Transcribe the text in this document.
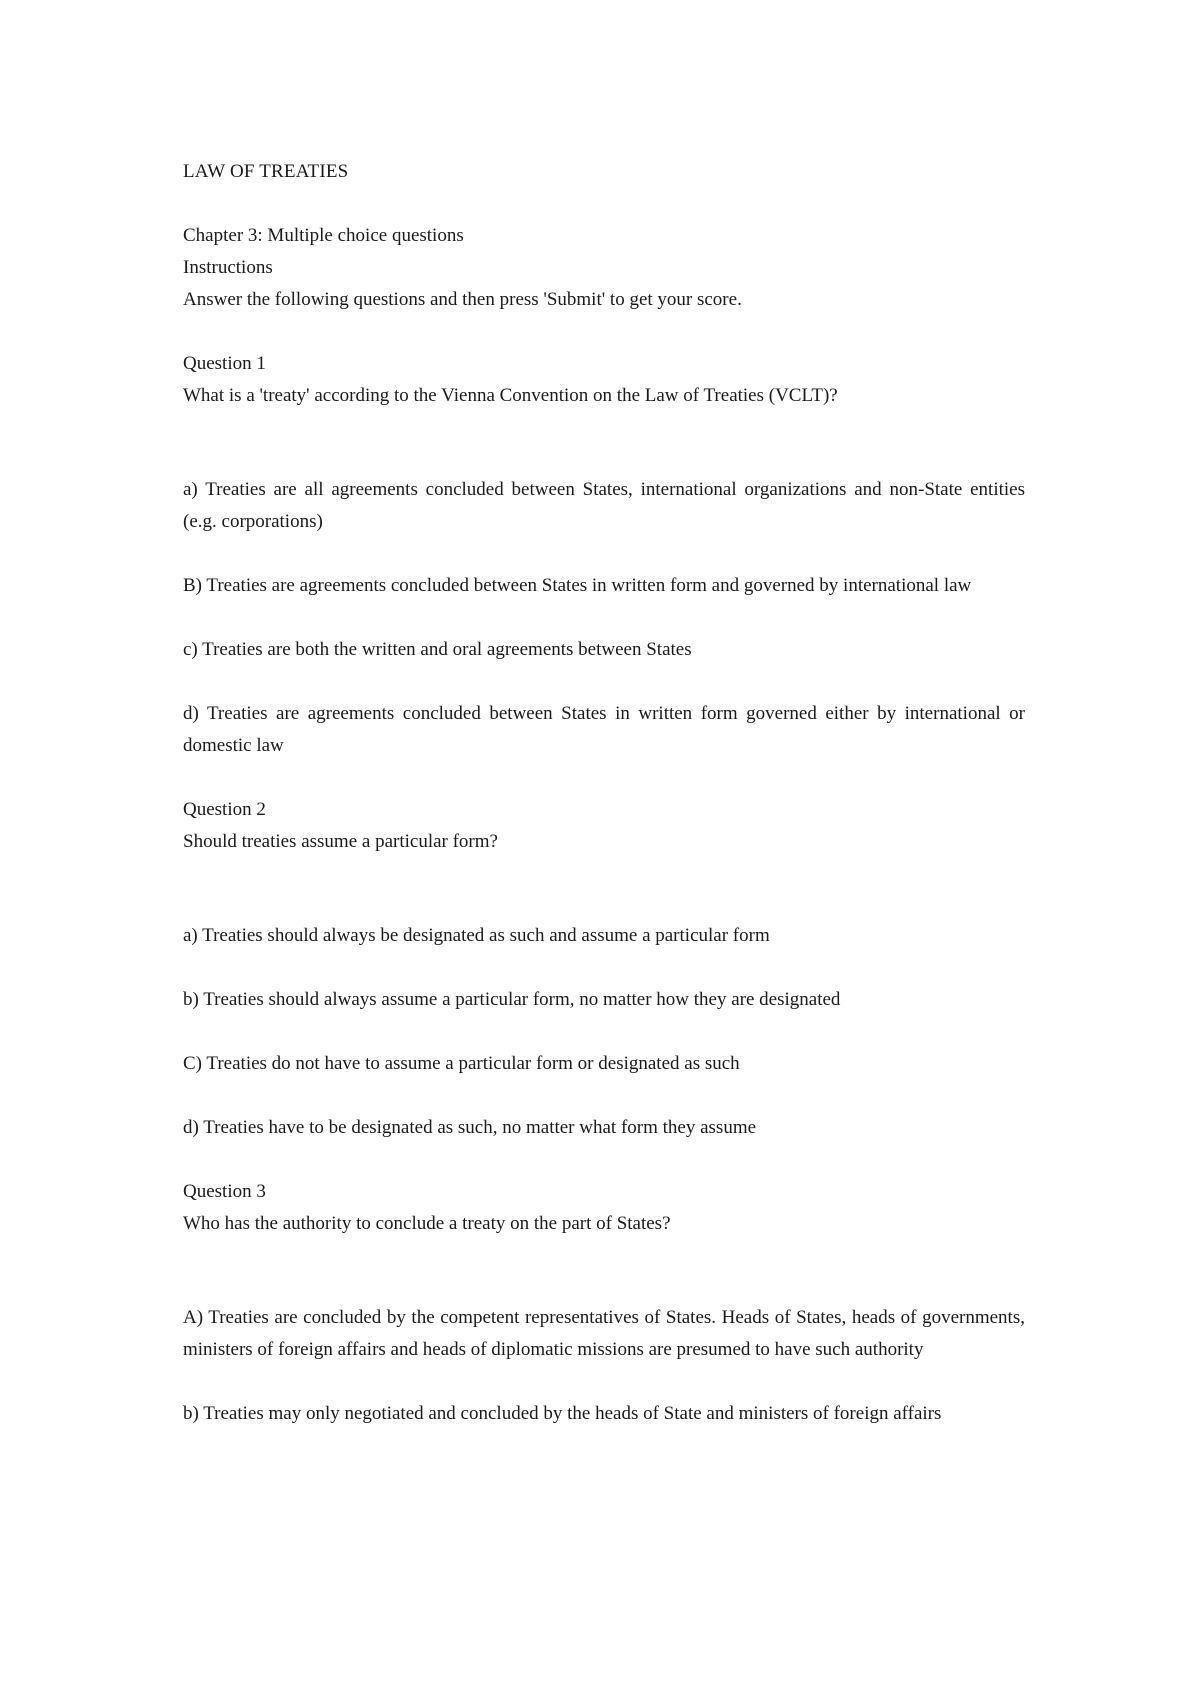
LAW OF TREATIES

Chapter 3: Multiple choice questions

Instructions

Answer the following questions and then press 'Submit' to get your score.

Question 1

What is a 'treaty' according to the Vienna Convention on the Law of Treaties (VCLT)?

a) Treaties are all agreements concluded between States, international organizations and non-State entities (e.g. corporations)

B) Treaties are agreements concluded between States in written form and governed by international law

c) Treaties are both the written and oral agreements between States

d) Treaties are agreements concluded between States in written form governed either by international or domestic law

Question 2

Should treaties assume a particular form?

a) Treaties should always be designated as such and assume a particular form

b) Treaties should always assume a particular form, no matter how they are designated

C) Treaties do not have to assume a particular form or designated as such

d) Treaties have to be designated as such, no matter what form they assume

Question 3

Who has the authority to conclude a treaty on the part of States?

A) Treaties are concluded by the competent representatives of States. Heads of States, heads of governments, ministers of foreign affairs and heads of diplomatic missions are presumed to have such authority

b) Treaties may only negotiated and concluded by the heads of State and ministers of foreign affairs
